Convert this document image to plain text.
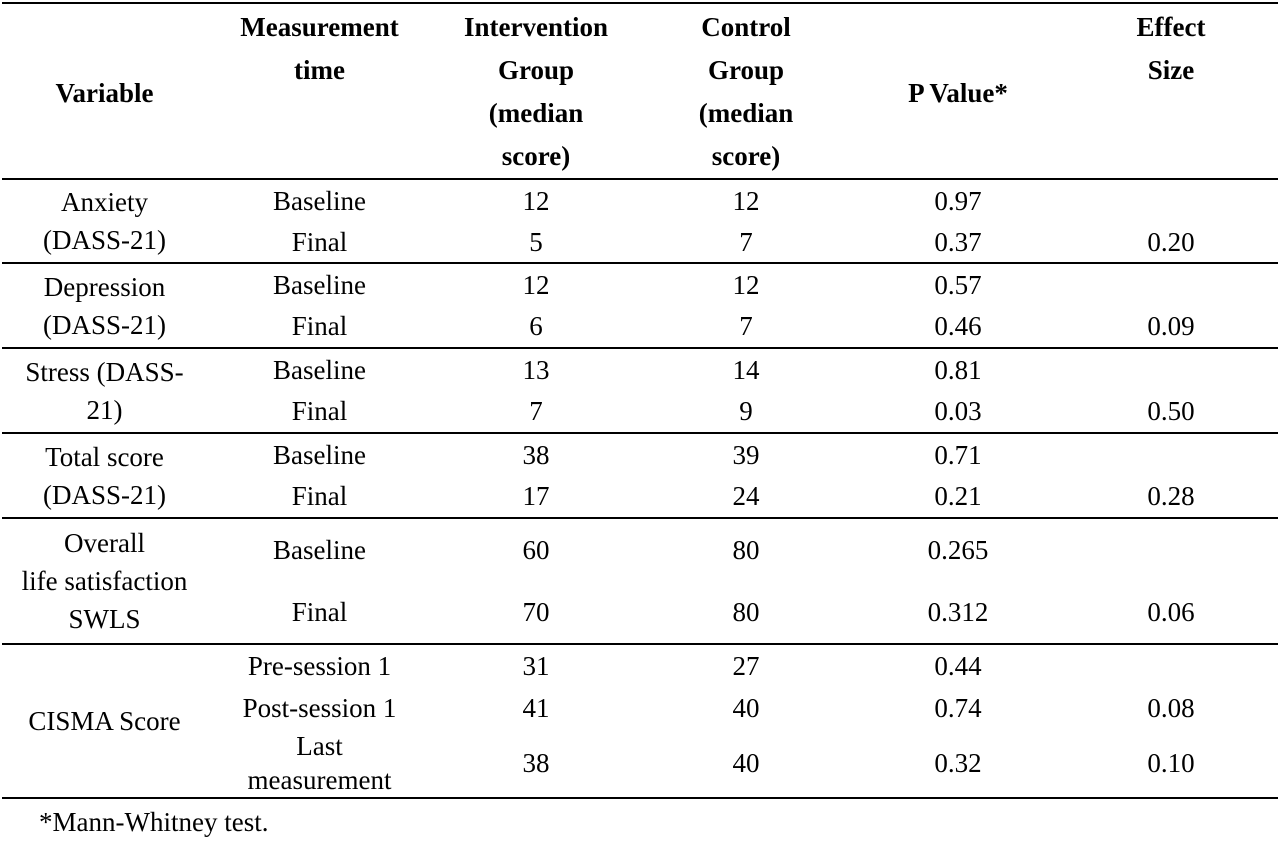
Variable	Measurement
time	Intervention
Group
(median
score)	Control
Group
(median
score)	P Value*	Effect
Size

Anxiety
(DASS-21)	Baseline	12	12	0.97	

	Final	5	7	0.37	0.20

Depression
(DASS-21)	Baseline	12	12	0.57	

	Final	6	7	0.46	0.09

Stress (DASS-
21)	Baseline	13	14	0.81	

	Final	7	9	0.03	0.50

Total score
(DASS-21)	Baseline	38	39	0.71	

	Final	17	24	0.21	0.28

Overall
life satisfaction
SWLS	Baseline	60	80	0.265	

	Final	70	80	0.312	0.06

CISMA Score	Pre-session 1	31	27	0.44	

	Post-session 1	41	40	0.74	0.08

	Last
measurement	38	40	0.32	0.10

*Mann-Whitney test.
